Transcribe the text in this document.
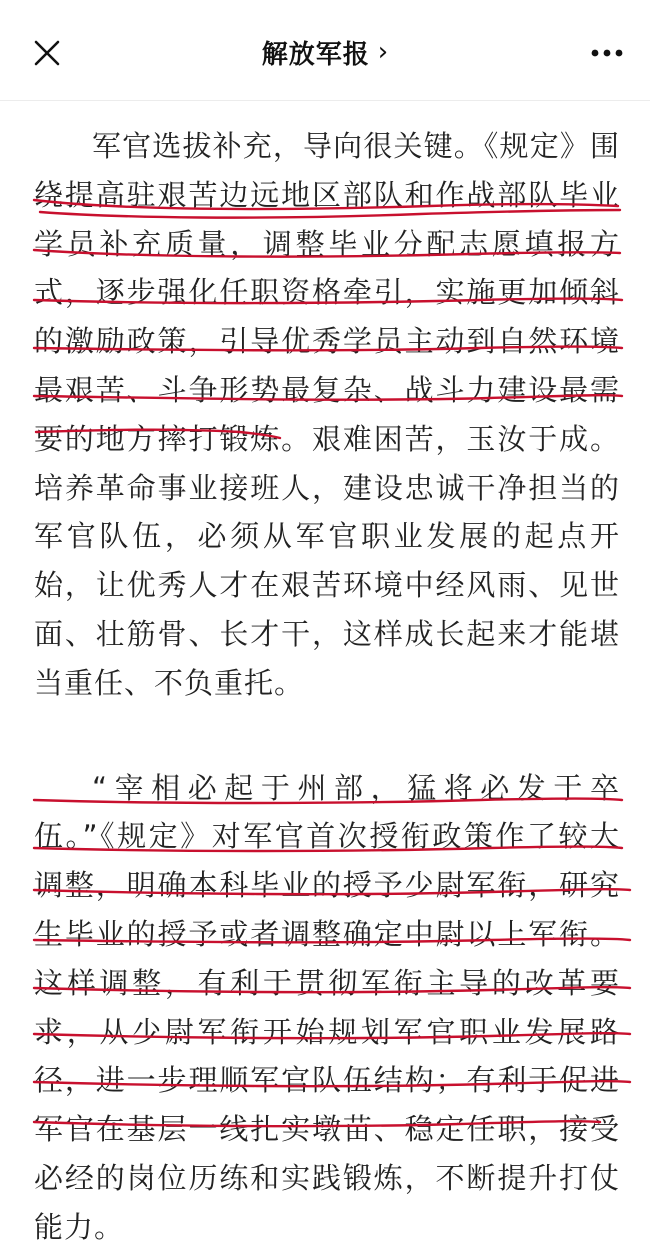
解放军报 ›

军官选拔补充，导向很关键。《规定》围绕提高驻艰苦边远地区部队和作战部队毕业学员补充质量，调整毕业分配志愿填报方式，逐步强化任职资格牵引，实施更加倾斜的激励政策，引导优秀学员主动到自然环境最艰苦、斗争形势最复杂、战斗力建设最需要的地方摔打锻炼。艰难困苦，玉汝于成。培养革命事业接班人，建设忠诚干净担当的军官队伍，必须从军官职业发展的起点开始，让优秀人才在艰苦环境中经风雨、见世面、壮筋骨、长才干，这样成长起来才能堪当重任、不负重托。

“宰相必起于州部，猛将必发于卒伍。”《规定》对军官首次授衔政策作了较大调整，明确本科毕业的授予少尉军衔，研究生毕业的授予或者调整确定中尉以上军衔。这样调整，有利于贯彻军衔主导的改革要求，从少尉军衔开始规划军官职业发展路径，进一步理顺军官队伍结构；有利于促进军官在基层一线扎实墩苗、稳定任职，接受必经的岗位历练和实践锻炼，不断提升打仗能力。
